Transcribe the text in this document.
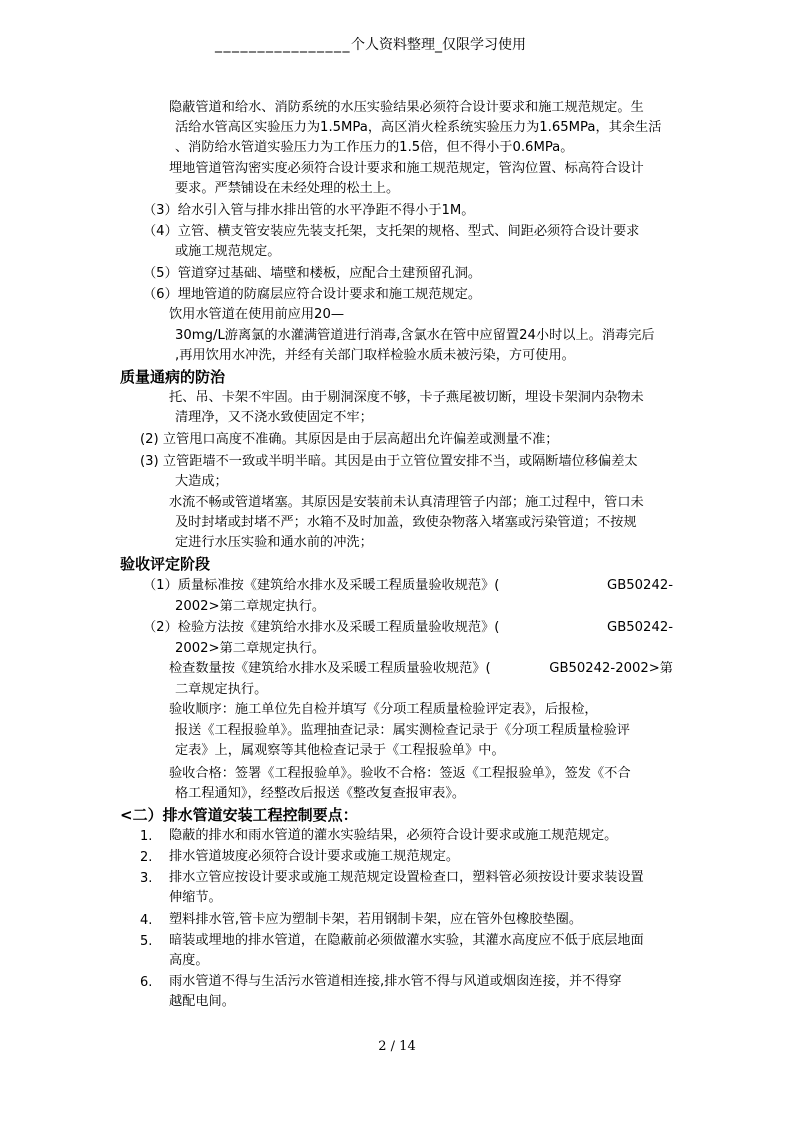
________________个人资料整理_仅限学习使用
隐蔽管道和给水、消防系统的水压实验结果必须符合设计要求和施工规范规定。生
活给水管高区实验压力为1.5MPa，高区消火栓系统实验压力为1.65MPa，其余生活
、消防给水管道实验压力为工作压力的1.5倍，但不得小于0.6MPa。
埋地管道管沟密实度必须符合设计要求和施工规范规定，管沟位置、标高符合设计
要求。严禁铺设在未经处理的松土上。
（3）给水引入管与排水排出管的水平净距不得小于1M。
（4）立管、横支管安装应先装支托架，支托架的规格、型式、间距必须符合设计要求
或施工规范规定。
（5）管道穿过基础、墙壁和楼板，应配合土建预留孔洞。
（6）埋地管道的防腐层应符合设计要求和施工规范规定。
饮用水管道在使用前应用20—
30mg/L游离氯的水灌满管道进行消毒,含氯水在管中应留置24小时以上。消毒完后
,再用饮用水冲洗，并经有关部门取样检验水质未被污染，方可使用。
质量通病的防治
托、吊、卡架不牢固。由于剔洞深度不够，卡子燕尾被切断，埋设卡架洞内杂物未
清理净，又不浇水致使固定不牢；
(2) 立管甩口高度不准确。其原因是由于层高超出允许偏差或测量不准；
(3) 立管距墙不一致或半明半暗。其因是由于立管位置安排不当，或隔断墙位移偏差太
大造成；
水流不畅或管道堵塞。其原因是安装前未认真清理管子内部；施工过程中，管口未
及时封堵或封堵不严；水箱不及时加盖，致使杂物落入堵塞或污染管道；不按规
定进行水压实验和通水前的冲洗；
验收评定阶段
（1）质量标准按《建筑给水排水及采暖工程质量验收规范》(	GB50242-
2002>第二章规定执行。
（2）检验方法按《建筑给水排水及采暖工程质量验收规范》(	GB50242-
2002>第二章规定执行。
检查数量按《建筑给水排水及采暖工程质量验收规范》(	GB50242-2002>第
二章规定执行。
验收顺序：施工单位先自检并填写《分项工程质量检验评定表》，后报检，
报送《工程报验单》。监理抽查记录：属实测检查记录于《分项工程质量检验评
定表》上，属观察等其他检查记录于《工程报验单》中。
验收合格：签署《工程报验单》。验收不合格：签返《工程报验单》，签发《不合
格工程通知》，经整改后报送《整改复查报审表》。
<二）排水管道安装工程控制要点：
1. 隐蔽的排水和雨水管道的灌水实验结果，必须符合设计要求或施工规范规定。
2. 排水管道坡度必须符合设计要求或施工规范规定。
3. 排水立管应按设计要求或施工规范规定设置检查口，塑料管必须按设计要求装设置
伸缩节。
4. 塑料排水管,管卡应为塑制卡架，若用钢制卡架，应在管外包橡胶垫圈。
5. 暗装或埋地的排水管道，在隐蔽前必须做灌水实验，其灌水高度应不低于底层地面
高度。
6. 雨水管道不得与生活污水管道相连接,排水管不得与风道或烟囱连接，并不得穿
越配电间。
2 / 14
